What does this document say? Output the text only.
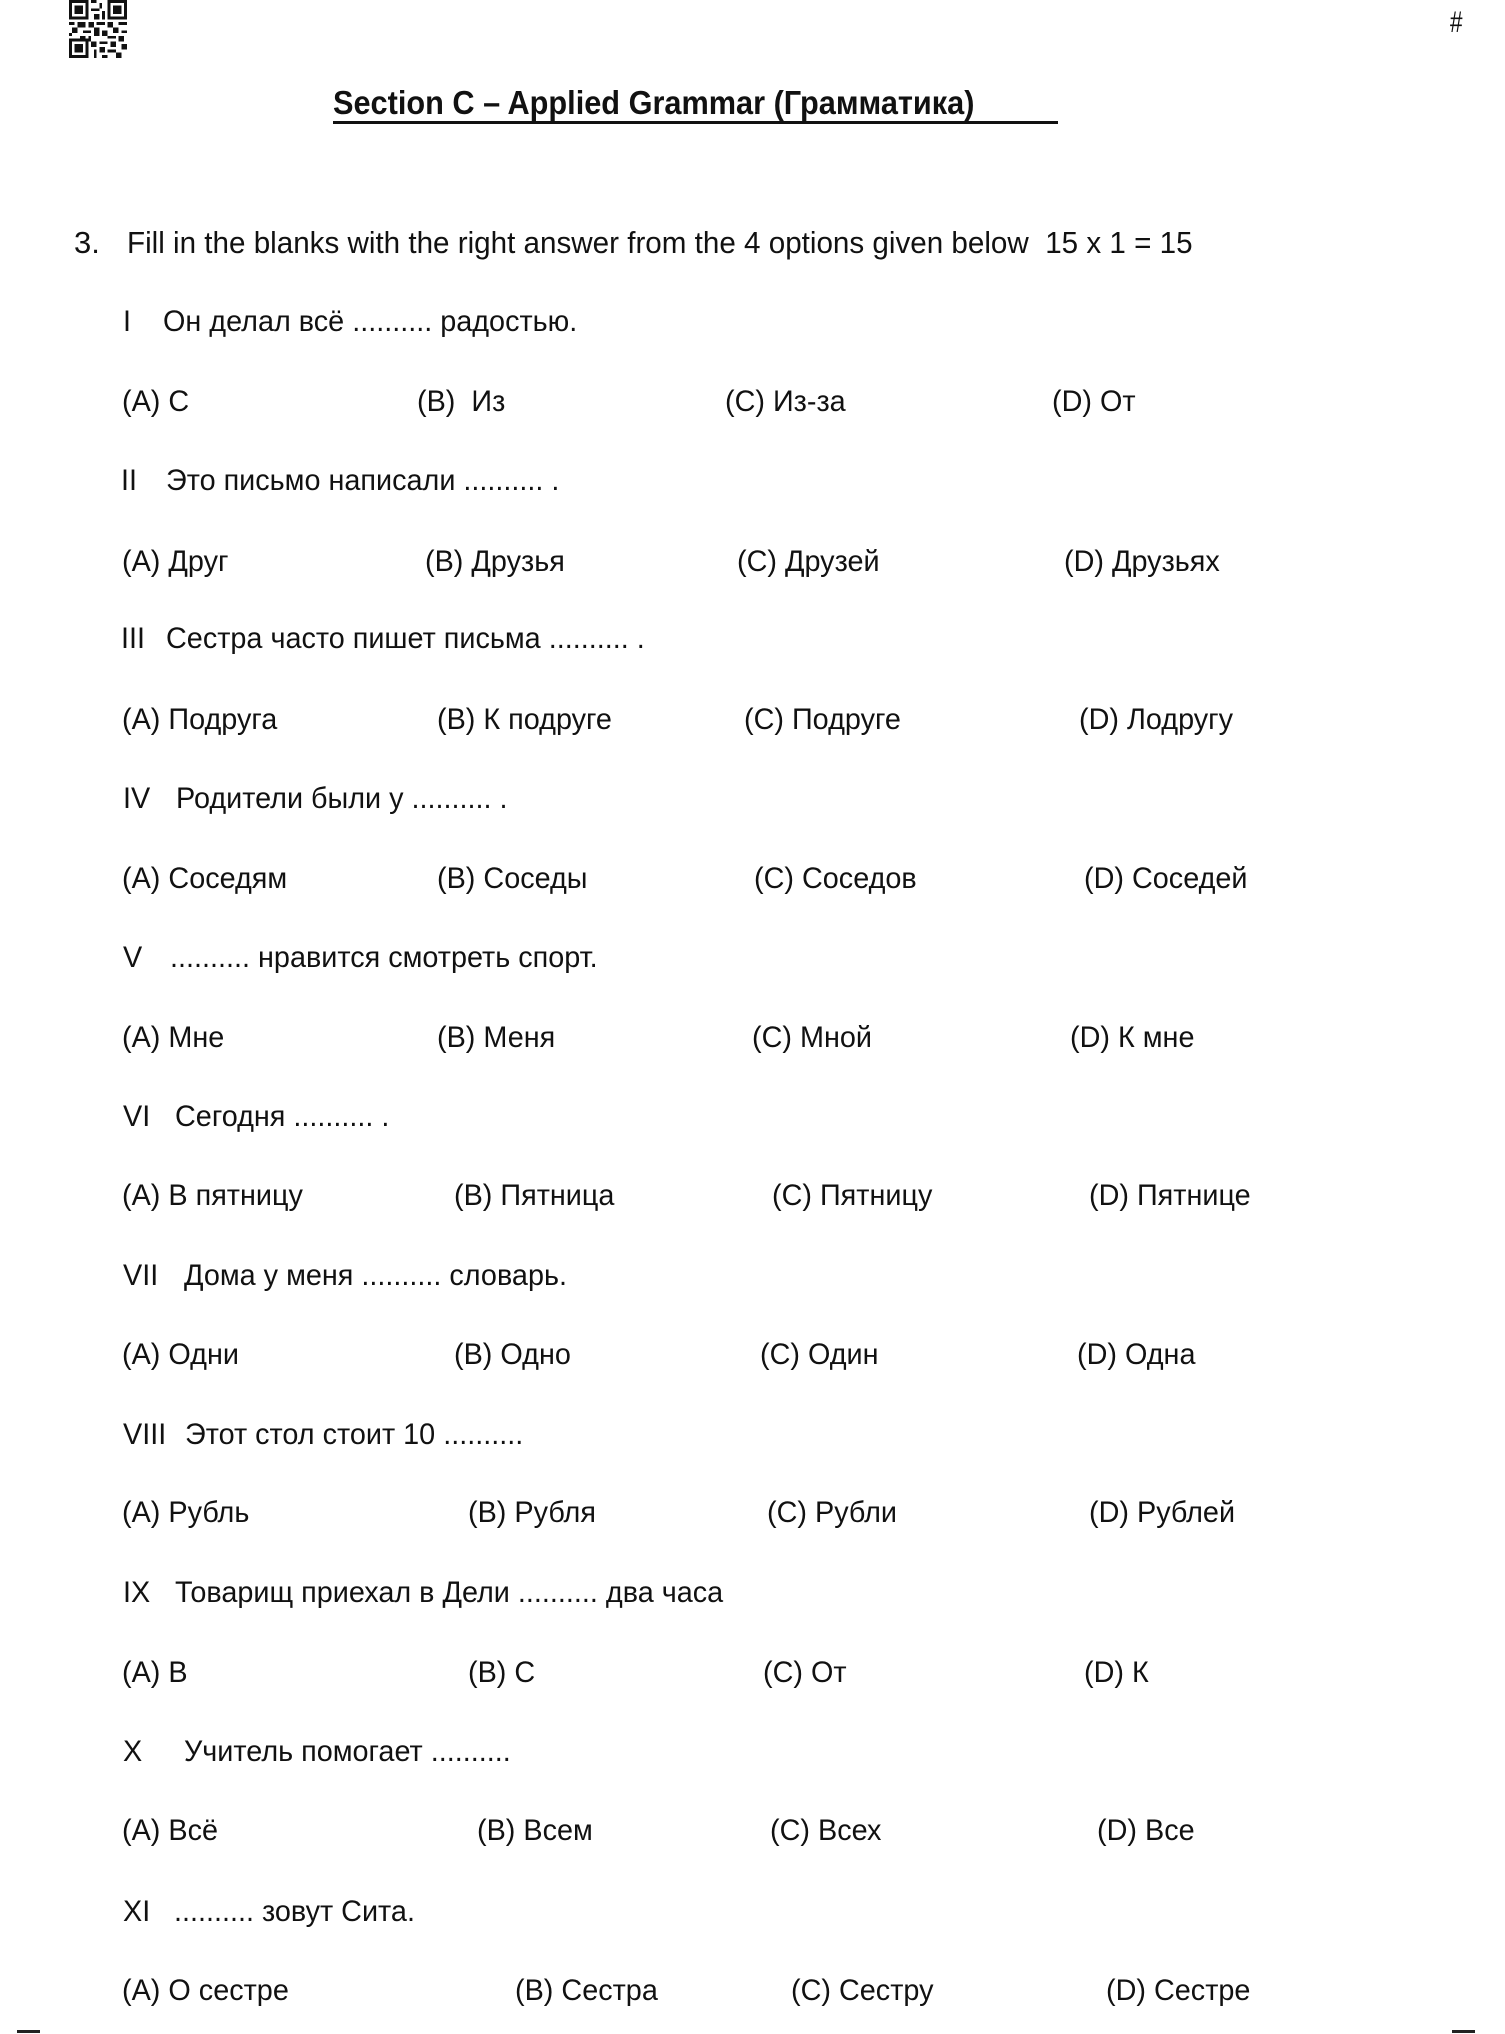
#
Section C – Applied Grammar (Грамматика)
3. Fill in the blanks with the right answer from the 4 options given below  15 x 1 = 15
I Он делал всё .......... радостью.
(A) С	(B)  Из	(C) Из-за	(D) От
II Это письмо написали .......... .
(A) Друг	(B) Друзья	(C) Друзей	(D) Друзьях
III Сестра часто пишет письма .......... .
(A) Подруга	(B) К подруге	(C) Подруге	(D) Лодругу
IV Родители были у .......... .
(A) Соседям	(B) Соседы	(C) Соседов	(D) Соседей
V .......... нравится смотреть спорт.
(A) Мне	(B) Меня	(C) Мной	(D) К мне
VI Сегодня .......... .
(A) В пятницу	(B) Пятница	(C) Пятницу	(D) Пятнице
VII Дома у меня .......... словарь.
(A) Одни	(B) Одно	(C) Один	(D) Одна
VIII Этот стол стоит 10 ..........
(A) Рубль	(B) Рубля	(C) Рубли	(D) Рублей
IX Товарищ приехал в Дели .......... два часа
(A) В	(B) С	(C) От	(D) К
X Учитель помогает ..........
(A) Всё	(B) Всем	(C) Всех	(D) Все
XI .......... зовут Сита.
(A) О сестре	(B) Сестра	(C) Сестру	(D) Сестре
